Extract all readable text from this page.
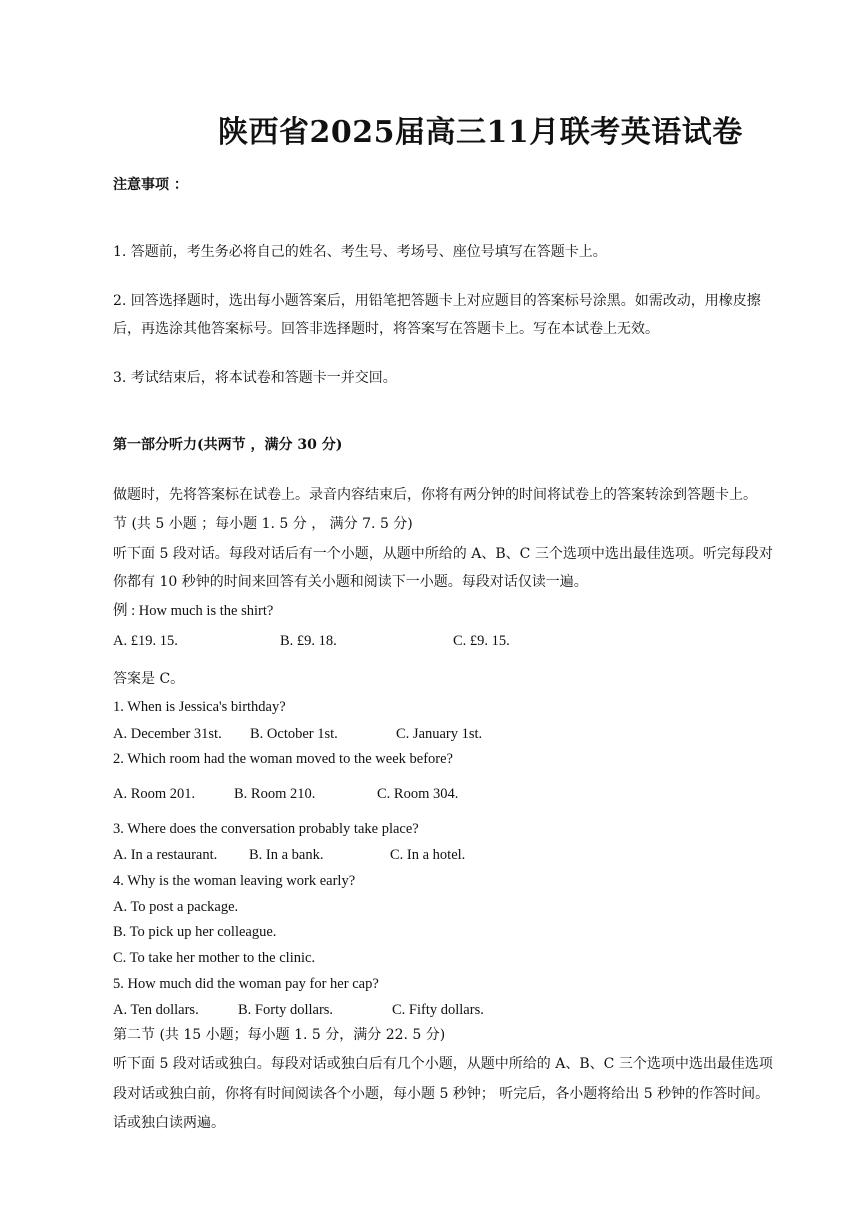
陕西省2025届高三11月联考英语试卷
注意事项 ：
1. 答题前，考生务必将自己的姓名、考生号、考场号、座位号填写在答题卡上。
2. 回答选择题时，选出每小题答案后，用铅笔把答题卡上对应题目的答案标号涂黑。如需改动，用橡皮擦
后，再选涂其他答案标号。回答非选择题时，将答案写在答题卡上。写在本试卷上无效。
3. 考试结束后，将本试卷和答题卡一并交回。
第一部分听力(共两节 ，满分 30 分)
做题时，先将答案标在试卷上。录音内容结束后，你将有两分钟的时间将试卷上的答案转涂到答题卡上。
节 (共 5 小题 ；每小题 1. 5 分 ， 满分 7. 5 分)
听下面 5 段对话。每段对话后有一个小题，从题中所给的 A、B、C 三个选项中选出最佳选项。听完每段对
你都有 10 秒钟的时间来回答有关小题和阅读下一小题。每段对话仅读一遍。
例 : How much is the shirt?
A. £19. 15.	B. £9. 18.	C. £9. 15.
答案是 C。
1. When is Jessica's birthday?
A. December 31st. B. October 1st.	C. January 1st.
2. Which room had the woman moved to the week before?
A. Room 201.	B. Room 210.	C. Room 304.
3. Where does the conversation probably take place?
A. In a restaurant. B. In a bank.	C. In a hotel.
4. Why is the woman leaving work early?
A. To post a package.
B. To pick up her colleague.
C. To take her mother to the clinic.
5. How much did the woman pay for her cap?
A. Ten dollars.	B. Forty dollars.	C. Fifty dollars.
第二节 (共 15 小题；每小题 1. 5 分，满分 22. 5 分)
听下面 5 段对话或独白。每段对话或独白后有几个小题，从题中所给的 A、B、C 三个选项中选出最佳选项
段对话或独白前，你将有时间阅读各个小题，每小题 5 秒钟； 听完后，各小题将给出 5 秒钟的作答时间。
话或独白读两遍。
